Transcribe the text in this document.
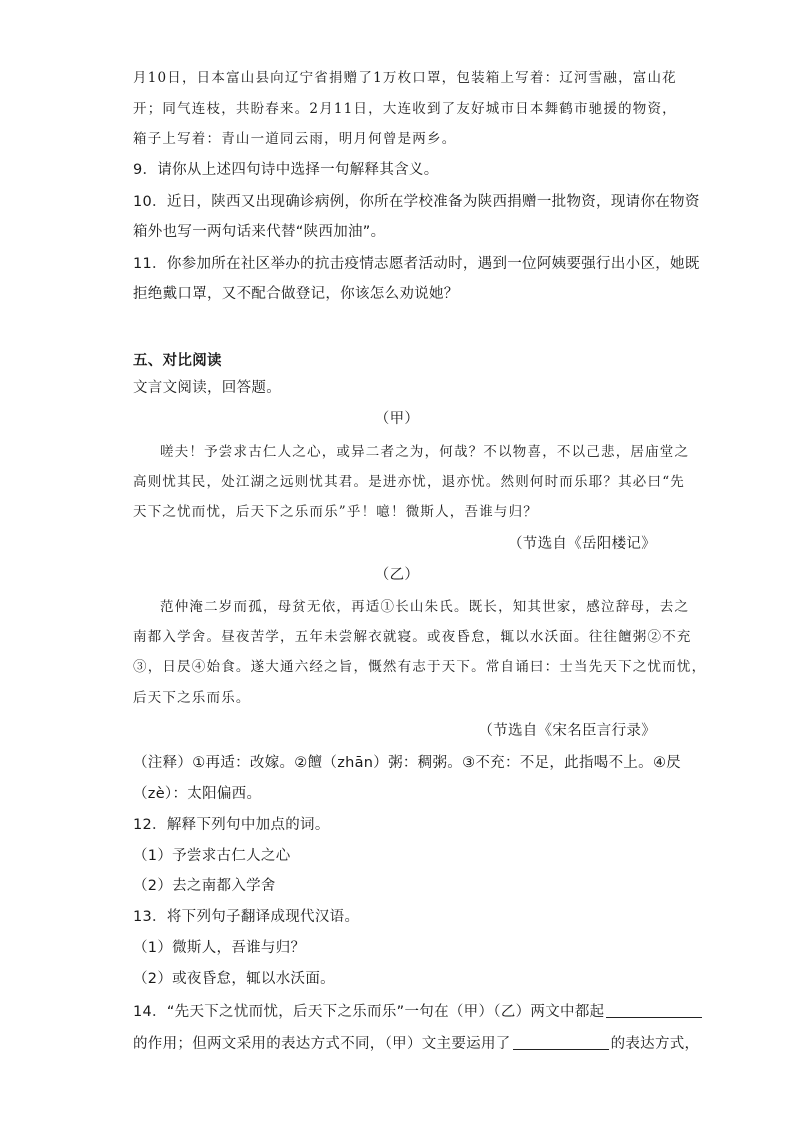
月10日，日本富山县向辽宁省捐赠了1万枚口罩，包装箱上写着：辽河雪融，富山花
开；同气连枝，共盼春来。2月11日，大连收到了友好城市日本舞鹤市驰援的物资，
箱子上写着：青山一道同云雨，明月何曾是两乡。
9．请你从上述四句诗中选择一句解释其含义。
10．近日，陕西又出现确诊病例，你所在学校准备为陕西捐赠一批物资，现请你在物资
箱外也写一两句话来代替“陕西加油”。
11．你参加所在社区举办的抗击疫情志愿者活动时，遇到一位阿姨要强行出小区，她既
拒绝戴口罩，又不配合做登记，你该怎么劝说她？
五、对比阅读
文言文阅读，回答题。
（甲）
嗟夫！予尝求古仁人之心，或异二者之为，何哉？不以物喜，不以己悲，居庙堂之
高则忧其民，处江湖之远则忧其君。是进亦忧，退亦忧。然则何时而乐耶？其必曰“先
天下之忧而忧，后天下之乐而乐”乎！噫！微斯人，吾谁与归？
（节选自《岳阳楼记》
（乙）
范仲淹二岁而孤，母贫无依，再适①长山朱氏。既长，知其世家，感泣辞母，去之
南都入学舍。昼夜苦学，五年未尝解衣就寝。或夜昏怠，辄以水沃面。往往饘粥②不充
③，日昃④始食。遂大通六经之旨，慨然有志于天下。常自诵曰：士当先天下之忧而忧，
后天下之乐而乐。
（节选自《宋名臣言行录》
（注释）①再适：改嫁。②饘（zhān）粥：稠粥。③不充：不足，此指喝不上。④昃
（zè）：太阳偏西。
12．解释下列句中加点的词。
（1）予尝求古仁人之心
（2）去之南都入学舍
13．将下列句子翻译成现代汉语。
（1）微斯人，吾谁与归？
（2）或夜昏怠，辄以水沃面。
14．“先天下之忧而忧，后天下之乐而乐”一句在（甲）（乙）两文中都起
的作用；但两文采用的表达方式不同，（甲）文主要运用了	的表达方式，
